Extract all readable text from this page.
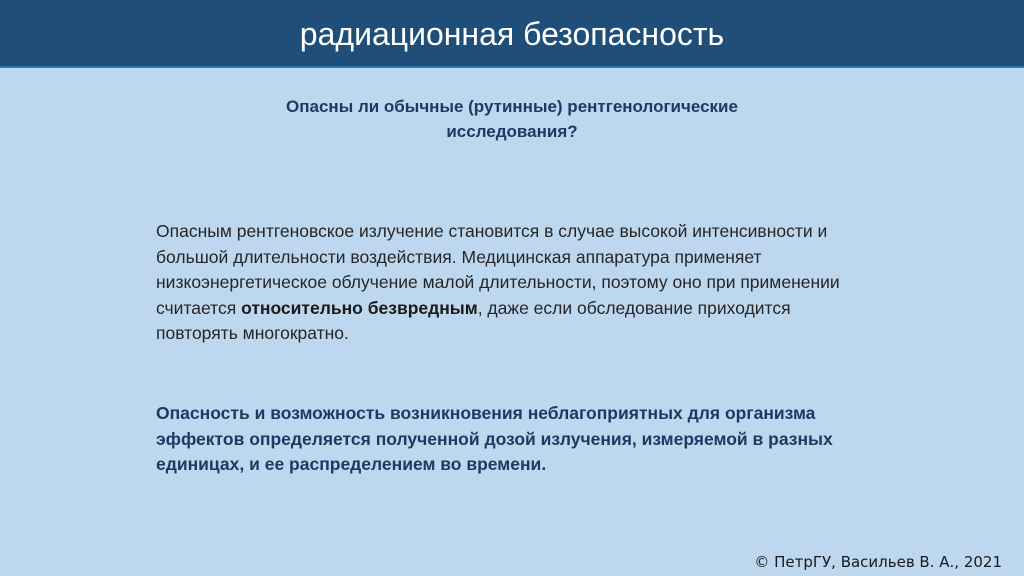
радиационная безопасность
Опасны ли обычные (рутинные) рентгенологические
исследования?
Опасным рентгеновское излучение становится в случае высокой интенсивности и большой длительности воздействия. Медицинская аппаратура применяет низкоэнергетическое облучение малой длительности, поэтому оно при применении считается относительно безвредным, даже если обследование приходится повторять многократно.
Опасность и возможность возникновения неблагоприятных для организма эффектов определяется полученной дозой излучения, измеряемой в разных единицах, и ее распределением во времени.
© ПетрГУ, Васильев В. А., 2021
